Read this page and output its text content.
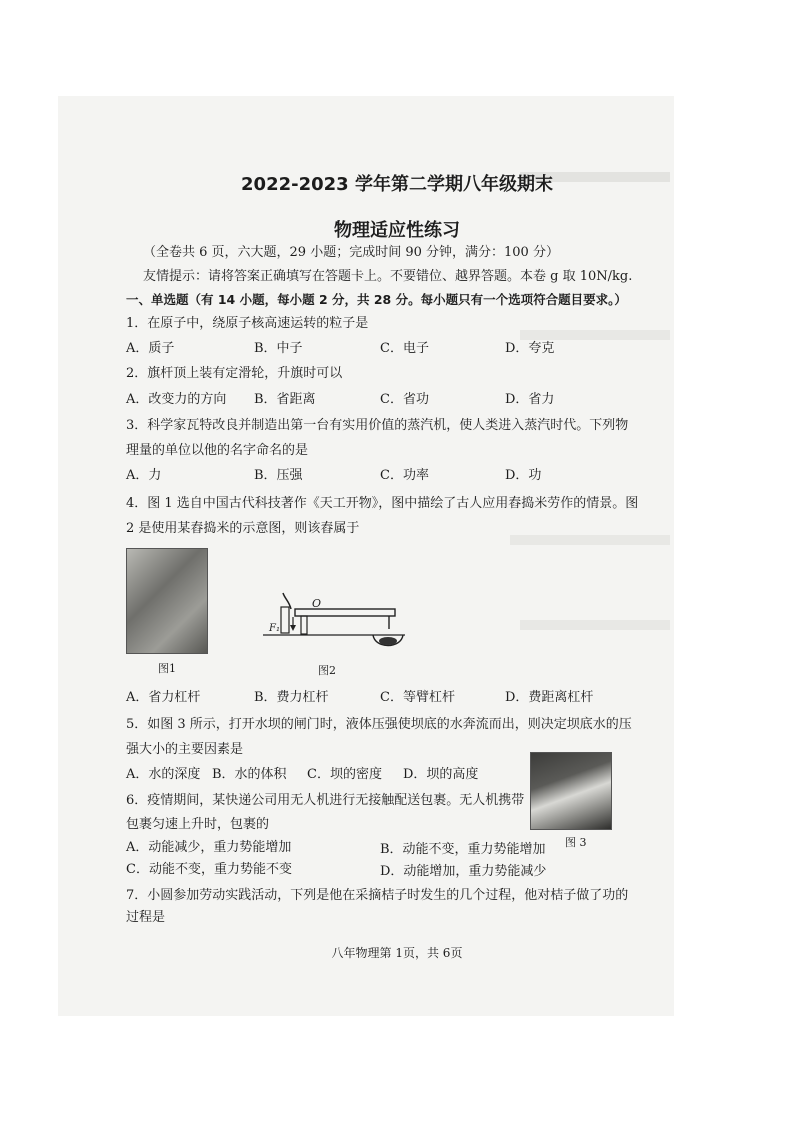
2022-2023 学年第二学期八年级期末
物理适应性练习
（全卷共 6 页，六大题，29 小题；完成时间 90 分钟，满分：100 分）
友情提示：请将答案正确填写在答题卡上。不要错位、越界答题。本卷 g 取 10N/kg.
一、单选题（有 14 小题，每小题 2 分，共 28 分。每小题只有一个选项符合题目要求。）
1．在原子中，绕原子核高速运转的粒子是
A．质子	B．中子	C．电子	D．夸克
2．旗杆顶上装有定滑轮，升旗时可以
A．改变力的方向 B．省距离	C．省功	D．省力
3．科学家瓦特改良并制造出第一台有实用价值的蒸汽机，使人类进入蒸汽时代。下列物
理量的单位以他的名字命名的是
A．力	B．压强	C．功率	D．功
4．图 1 选自中国古代科技著作《天工开物》，图中描绘了古人应用舂捣米劳作的情景。图
2 是使用某舂捣米的示意图，则该舂属于
图1
O
F₁
图2
A．省力杠杆	B．费力杠杆	C．等臂杠杆	D．费距离杠杆
5．如图 3 所示，打开水坝的闸门时，液体压强使坝底的水奔流而出，则决定坝底水的压
强大小的主要因素是
A．水的深度 B．水的体积 C．坝的密度 D．坝的高度
图 3
6．疫情期间，某快递公司用无人机进行无接触配送包裹。无人机携带
包裹匀速上升时，包裹的
A．动能减少，重力势能增加	B．动能不变，重力势能增加
C．动能不变，重力势能不变	D．动能增加，重力势能减少
7．小圆参加劳动实践活动，下列是他在采摘桔子时发生的几个过程，他对桔子做了功的
过程是
八年物理第 1页，共 6页
